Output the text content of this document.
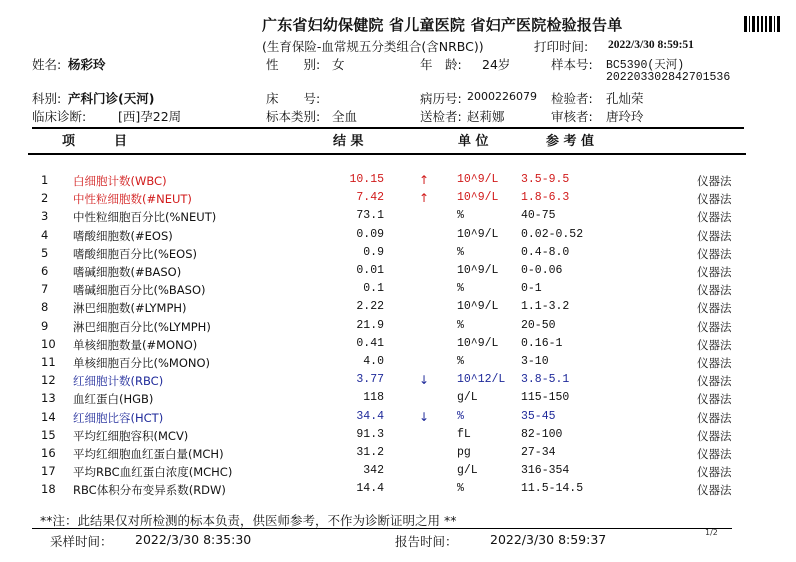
广东省妇幼保健院 省儿童医院 省妇产医院检验报告单
(生育保险-血常规五分类组合(含NRBC))	打印时间: 2022/3/30 8:59:51
姓名: 杨彩玲	性　　别: 女	年　龄: 24岁	样本号: BC5390(天河)
2022033028427015​36
科别: 产科门诊(天河)	床　　号:	病历号: 2000226079 检验者: 孔灿荣
临床诊断:	[西]孕22周	标本类别: 全血	送检者: 赵莉娜	审核者: 唐玲玲
项　　　目	结 果	单 位	参 考 值
1 白细胞计数(WBC)	10.15	↑ 10^9/L 3.5-9.5	仪器法
2 中性粒细胞数(#NEUT)	7.42	↑ 10^9/L 1.8-6.3	仪器法
3 中性粒细胞百分比(%NEUT)	73.1	%	40-75	仪器法
4 嗜酸细胞数(#EOS)	0.09	10^9/L 0.02-0.52	仪器法
5 嗜酸细胞百分比(%EOS)	0.9	%	0.4-8.0	仪器法
6 嗜碱细胞数(#BASO)	0.01	10^9/L 0-0.06	仪器法
7 嗜碱细胞百分比(%BASO)	0.1	%	0-1	仪器法
8 淋巴细胞数(#LYMPH)	2.22	10^9/L 1.1-3.2	仪器法
9 淋巴细胞百分比(%LYMPH)	21.9	%	20-50	仪器法
10 单核细胞数量(#MONO)	0.41	10^9/L 0.16-1	仪器法
11 单核细胞百分比(%MONO)	4.0	%	3-10	仪器法
12 红细胞计数(RBC)	3.77	↓ 10^12/L 3.8-5.1	仪器法
13 血红蛋白(HGB)	118	g/L	115-150	仪器法
14 红细胞比容(HCT)	34.4	↓ %	35-45	仪器法
15 平均红细胞容积(MCV)	91.3	fL	82-100	仪器法
16 平均红细胞血红蛋白量(MCH)	31.2	pg	27-34	仪器法
17 平均RBC血红蛋白浓度(MCHC)	342	g/L	316-354	仪器法
18 RBC体积分布变异系数(RDW)	14.4	%	11.5-14.5	仪器法
**注：此结果仅对所检测的标本负责，供医师参考，不作为诊断证明之用 **
采样时间： 2022/3/30 8:35:30	报告时间：	2022/3/30 8:59:37	1/2
